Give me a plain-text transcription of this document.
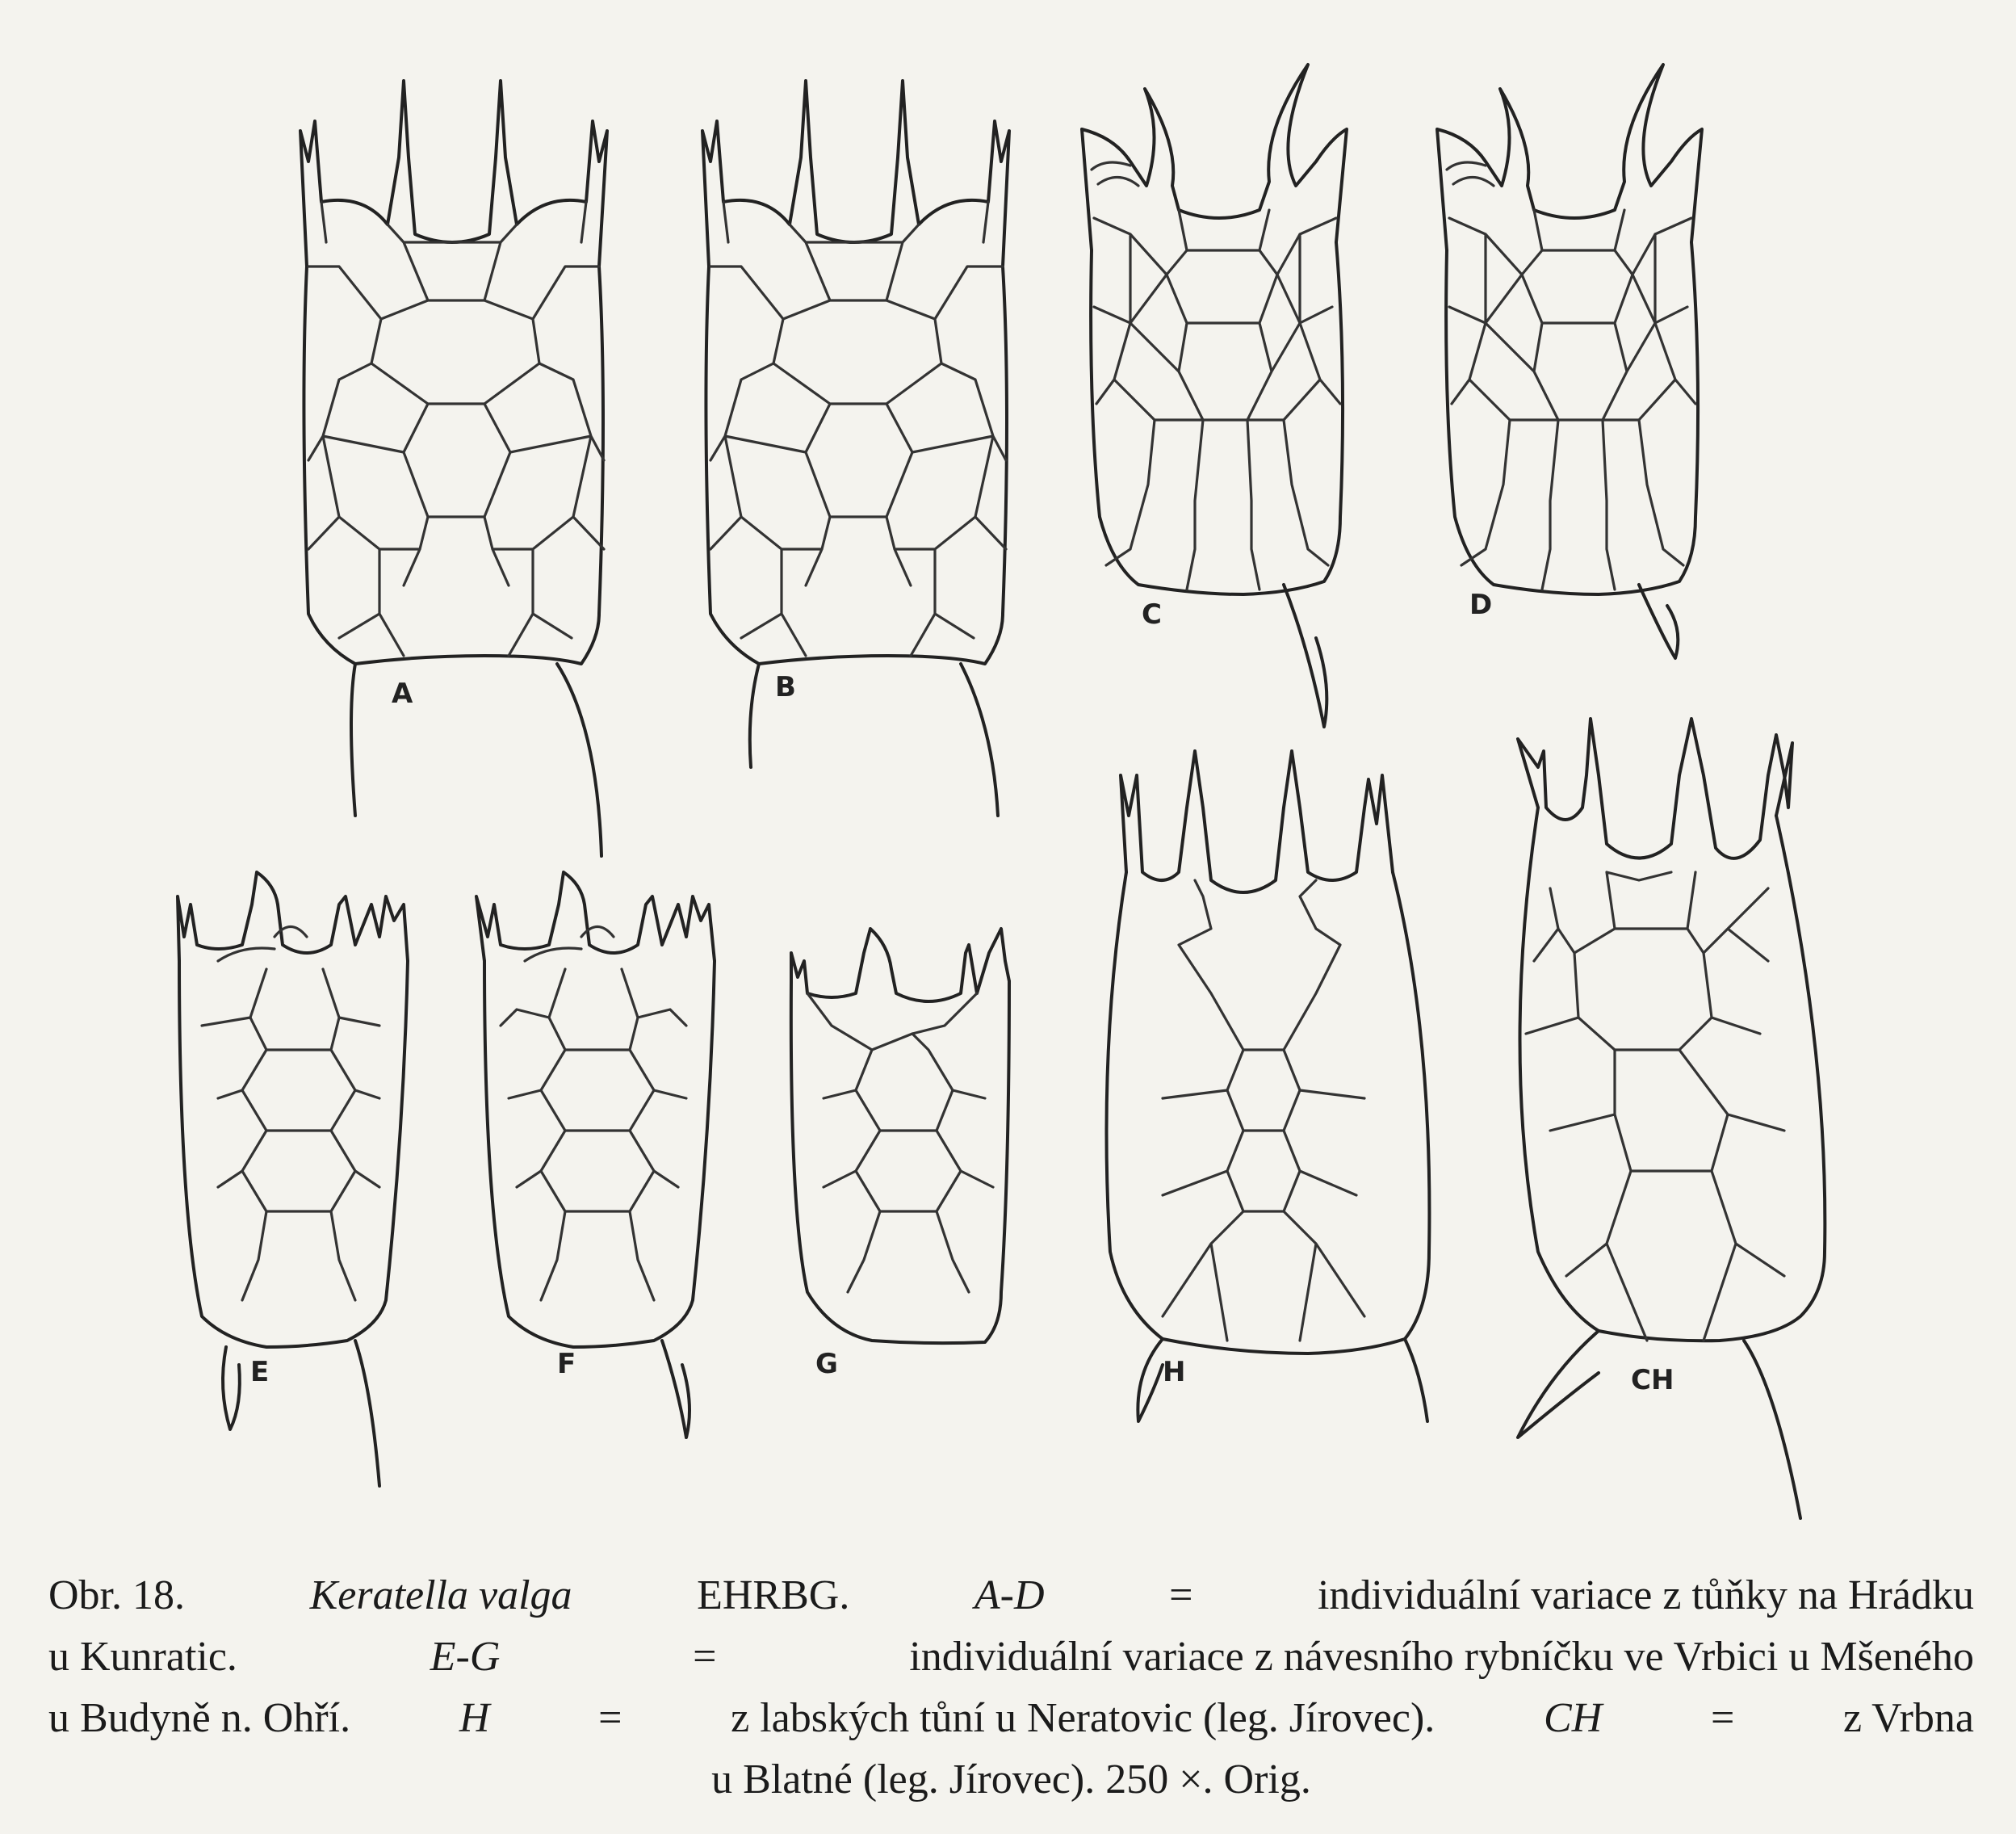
A	B
C	D
E	F	G	H	CH
Obr. 18.	Keratella valga	EHRBG.	A-D	=	individuální variace z tůňky na Hrádku
u Kunratic.	E-G	=	individuální variace z návesního rybníčku ve Vrbici u Mšeného
u Budyně n. Ohří.	H	=	z labských tůní u Neratovic (leg. Jírovec).	CH	=	z Vrbna
u Blatné (leg. Jírovec). 250 ×. Orig.
